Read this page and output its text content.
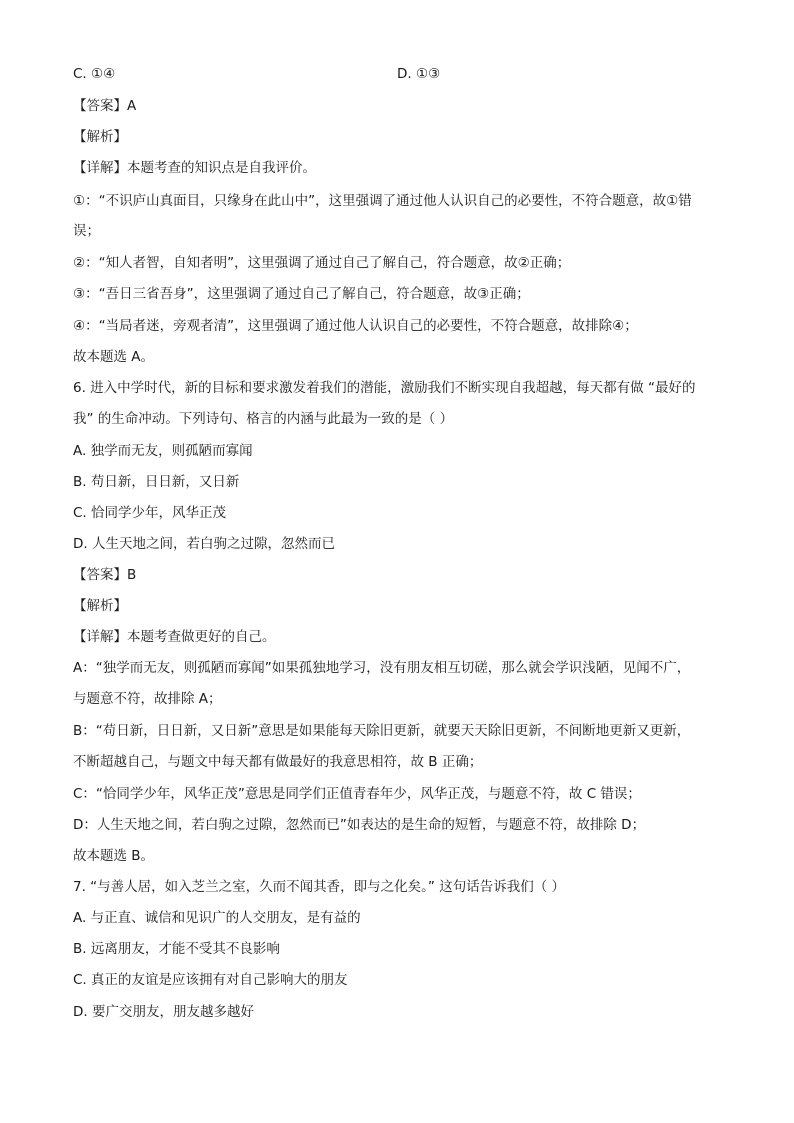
C. ①④	D. ①③
【答案】A
【解析】
【详解】本题考查的知识点是自我评价。
①：“不识庐山真面目，只缘身在此山中”，这里强调了通过他人认识自己的必要性，不符合题意，故①错
误；
②：“知人者智，自知者明”，这里强调了通过自己了解自己，符合题意，故②正确；
③：“吾日三省吾身”，这里强调了通过自己了解自己，符合题意，故③正确；
④：“当局者迷，旁观者清”，这里强调了通过他人认识自己的必要性，不符合题意，故排除④；
故本题选 A。
6. 进入中学时代，新的目标和要求激发着我们的潜能，激励我们不断实现自我超越，每天都有做 “最好的
我” 的生命冲动。下列诗句、格言的内涵与此最为一致的是（ ）
A. 独学而无友，则孤陋而寡闻
B. 苟日新，日日新，又日新
C. 恰同学少年，风华正茂
D. 人生天地之间，若白驹之过隙，忽然而已
【答案】B
【解析】
【详解】本题考查做更好的自己。
A：“独学而无友，则孤陋而寡闻”如果孤独地学习，没有朋友相互切磋，那么就会学识浅陋，见闻不广，
与题意不符，故排除 A；
B：“苟日新，日日新，又日新”意思是如果能每天除旧更新，就要天天除旧更新，不间断地更新又更新，
不断超越自己，与题文中每天都有做最好的我意思相符，故 B 正确；
C：“恰同学少年，风华正茂”意思是同学们正值青春年少，风华正茂，与题意不符，故 C 错误；
D：人生天地之间，若白驹之过隙，忽然而已”如表达的是生命的短暂，与题意不符，故排除 D；
故本题选 B。
7. “与善人居，如入芝兰之室，久而不闻其香，即与之化矣。” 这句话告诉我们（ ）
A. 与正直、诚信和见识广的人交朋友，是有益的
B. 远离朋友，才能不受其不良影响
C. 真正的友谊是应该拥有对自己影响大的朋友
D. 要广交朋友，朋友越多越好
